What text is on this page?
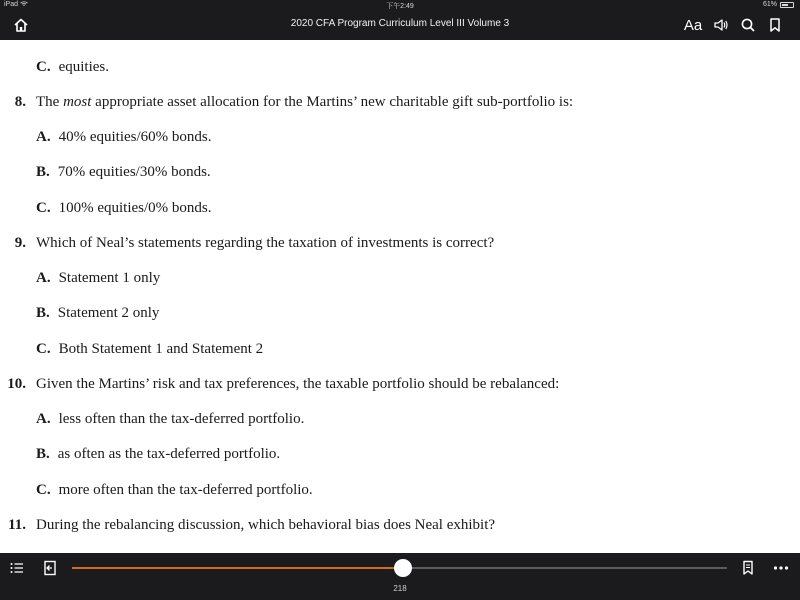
iPad	下午2:49	61%
2020 CFA Program Curriculum Level III Volume 3	Aa
C. equities.
8. The most appropriate asset allocation for the Martins’ new charitable gift sub-portfolio is:
A. 40% equities/60% bonds.
B. 70% equities/30% bonds.
C. 100% equities/0% bonds.
9. Which of Neal’s statements regarding the taxation of investments is correct?
A. Statement 1 only
B. Statement 2 only
C. Both Statement 1 and Statement 2
10. Given the Martins’ risk and tax preferences, the taxable portfolio should be rebalanced:
A. less often than the tax-deferred portfolio.
B. as often as the tax-deferred portfolio.
C. more often than the tax-deferred portfolio.
11. During the rebalancing discussion, which behavioral bias does Neal exhibit?
218
